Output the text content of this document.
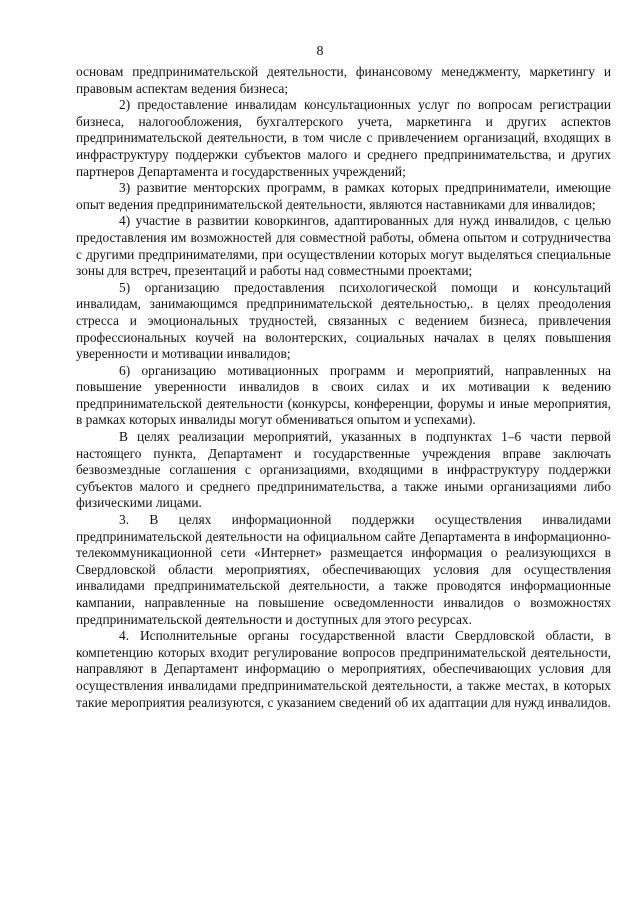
8

основам предпринимательской деятельности, финансовому менеджменту, маркетингу и правовым аспектам ведения бизнеса;

2) предоставление инвалидам консультационных услуг по вопросам регистрации бизнеса, налогообложения, бухгалтерского учета, маркетинга и других аспектов предпринимательской деятельности, в том числе с привлечением организаций, входящих в инфраструктуру поддержки субъектов малого и среднего предпринимательства, и других партнеров Департамента и государственных учреждений;

3) развитие менторских программ, в рамках которых предприниматели, имеющие опыт ведения предпринимательской деятельности, являются наставниками для инвалидов;

4) участие в развитии коворкингов, адаптированных для нужд инвалидов, с целью предоставления им возможностей для совместной работы, обмена опытом и сотрудничества с другими предпринимателями, при осуществлении которых могут выделяться специальные зоны для встреч, презентаций и работы над совместными проектами;

5) организацию предоставления психологической помощи и консультаций инвалидам, занимающимся предпринимательской деятельностью,. в целях преодоления стресса и эмоциональных трудностей, связанных с ведением бизнеса, привлечения профессиональных коучей на волонтерских, социальных началах в целях повышения уверенности и мотивации инвалидов;

6) организацию мотивационных программ и мероприятий, направленных на повышение уверенности инвалидов в своих силах и их мотивации к ведению предпринимательской деятельности (конкурсы, конференции, форумы и иные мероприятия, в рамках которых инвалиды могут обмениваться опытом и успехами).

В целях реализации мероприятий, указанных в подпунктах 1–6 части первой настоящего пункта, Департамент и государственные учреждения вправе заключать безвозмездные соглашения с организациями, входящими в инфраструктуру поддержки субъектов малого и среднего предпринимательства, а также иными организациями либо физическими лицами.

3. В целях информационной поддержки осуществления инвалидами предпринимательской деятельности на официальном сайте Департамента в информационно-телекоммуникационной сети «Интернет» размещается информация о реализующихся в Свердловской области мероприятиях, обеспечивающих условия для осуществления инвалидами предпринимательской деятельности, а также проводятся информационные кампании, направленные на повышение осведомленности инвалидов о возможностях предпринимательской деятельности и доступных для этого ресурсах.

4. Исполнительные органы государственной власти Свердловской области, в компетенцию которых входит регулирование вопросов предпринимательской деятельности, направляют в Департамент информацию о мероприятиях, обеспечивающих условия для осуществления инвалидами предпринимательской деятельности, а также местах, в которых такие мероприятия реализуются, с указанием сведений об их адаптации для нужд инвалидов.
